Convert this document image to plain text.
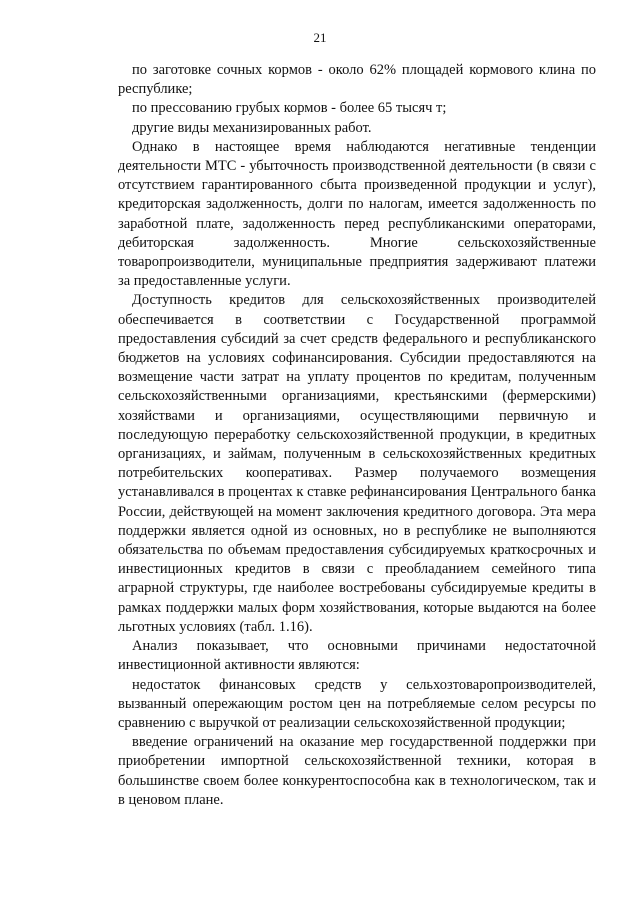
21

по заготовке сочных кормов - около 62% площадей кормового клина по республике;

по прессованию грубых кормов - более 65 тысяч т;

другие виды механизированных работ.

Однако в настоящее время наблюдаются негативные тенденции деятельности МТС - убыточность производственной деятельности (в связи с отсутствием гарантированного сбыта произведенной продукции и услуг), кредиторская задолженность, долги по налогам, имеется задолженность по заработной плате, задолженность перед республиканскими операторами, дебиторская задолженность. Многие сельскохозяйственные товаропроизводители, муниципальные предприятия задерживают платежи за предоставленные услуги.

Доступность кредитов для сельскохозяйственных производителей обеспечивается в соответствии с Государственной программой предоставления субсидий за счет средств федерального и республиканского бюджетов на условиях софинансирования. Субсидии предоставляются на возмещение части затрат на уплату процентов по кредитам, полученным сельскохозяйственными организациями, крестьянскими (фермерскими) хозяйствами и организациями, осуществляющими первичную и последующую переработку сельскохозяйственной продукции, в кредитных организациях, и займам, полученным в сельскохозяйственных кредитных потребительских кооперативах. Размер получаемого возмещения устанавливался в процентах к ставке рефинансирования Центрального банка России, действующей на момент заключения кредитного договора. Эта мера поддержки является одной из основных, но в республике не выполняются обязательства по объемам предоставления субсидируемых краткосрочных и инвестиционных кредитов в связи с преобладанием семейного типа аграрной структуры, где наиболее востребованы субсидируемые кредиты в рамках поддержки малых форм хозяйствования, которые выдаются на более льготных условиях (табл. 1.16).

Анализ показывает, что основными причинами недостаточной инвестиционной активности являются:

недостаток финансовых средств у сельхозтоваропроизводителей, вызванный опережающим ростом цен на потребляемые селом ресурсы по сравнению с выручкой от реализации сельскохозяйственной продукции;

введение ограничений на оказание мер государственной поддержки при приобретении импортной сельскохозяйственной техники, которая в большинстве своем более конкурентоспособна как в технологическом, так и в ценовом плане.
